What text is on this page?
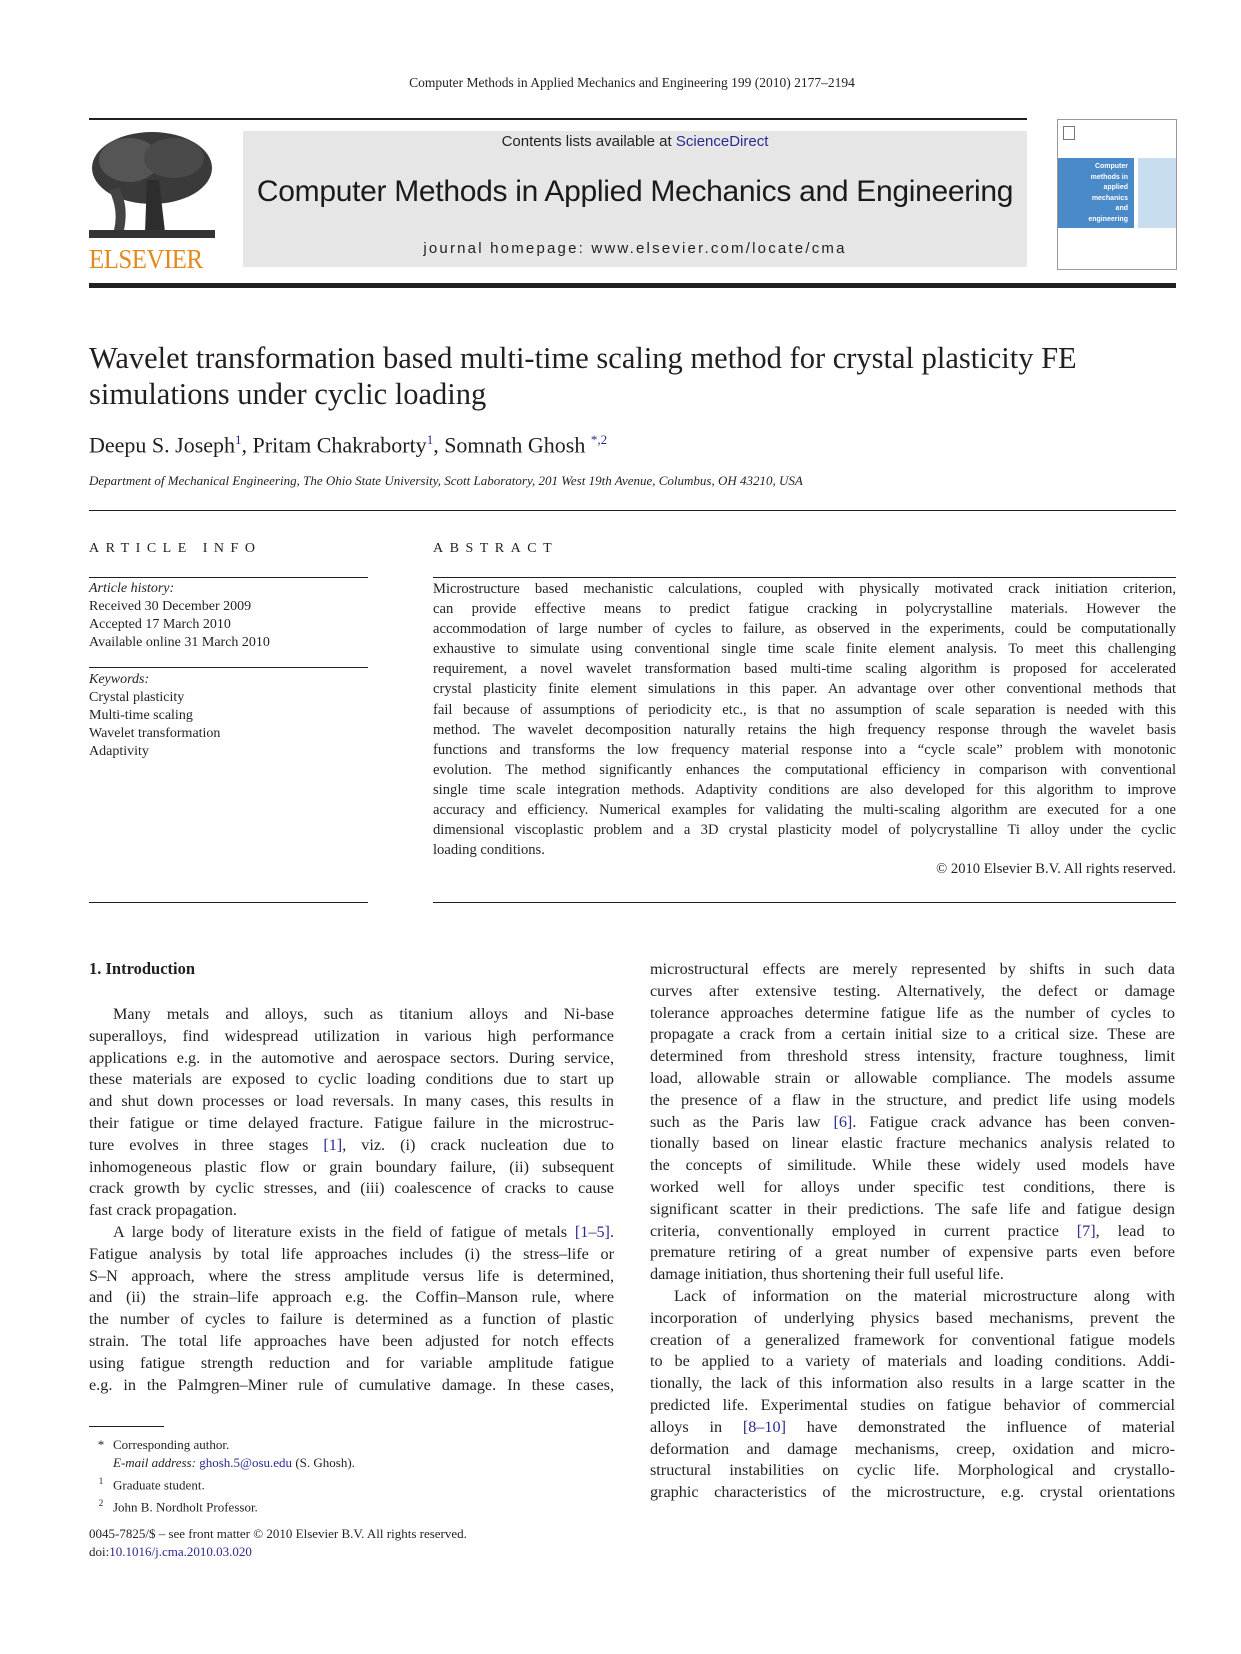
Computer Methods in Applied Mechanics and Engineering 199 (2010) 2177–2194
ELSEVIER
Contents lists available at ScienceDirect
Computer Methods in Applied Mechanics and Engineering
journal homepage: www.elsevier.com/locate/cma
Computer
methods in
applied
mechanics
and
engineering
Wavelet transformation based multi-time scaling method for crystal plasticity FE
simulations under cyclic loading
Deepu S. Joseph$^1$, Pritam Chakraborty$^1$, Somnath Ghosh $^{*,2}$
Department of Mechanical Engineering, The Ohio State University, Scott Laboratory, 201 West 19th Avenue, Columbus, OH 43210, USA
ARTICLE INFO
Article history:
Received 30 December 2009
Accepted 17 March 2010
Available online 31 March 2010
Keywords:
Crystal plasticity
Multi-time scaling
Wavelet transformation
Adaptivity
ABSTRACT
Microstructure based mechanistic calculations, coupled with physically motivated crack initiation criterion,
can provide effective means to predict fatigue cracking in polycrystalline materials. However the
accommodation of large number of cycles to failure, as observed in the experiments, could be computationally
exhaustive to simulate using conventional single time scale finite element analysis. To meet this challenging
requirement, a novel wavelet transformation based multi-time scaling algorithm is proposed for accelerated
crystal plasticity finite element simulations in this paper. An advantage over other conventional methods that
fail because of assumptions of periodicity etc., is that no assumption of scale separation is needed with this
method. The wavelet decomposition naturally retains the high frequency response through the wavelet basis
functions and transforms the low frequency material response into a “cycle scale” problem with monotonic
evolution. The method significantly enhances the computational efficiency in comparison with conventional
single time scale integration methods. Adaptivity conditions are also developed for this algorithm to improve
accuracy and efficiency. Numerical examples for validating the multi-scaling algorithm are executed for a one
dimensional viscoplastic problem and a 3D crystal plasticity model of polycrystalline Ti alloy under the cyclic
loading conditions.
© 2010 Elsevier B.V. All rights reserved.
1. Introduction
Many metals and alloys, such as titanium alloys and Ni-base
superalloys, find widespread utilization in various high performance
applications e.g. in the automotive and aerospace sectors. During service,
these materials are exposed to cyclic loading conditions due to start up
and shut down processes or load reversals. In many cases, this results in
their fatigue or time delayed fracture. Fatigue failure in the microstruc-
ture evolves in three stages [1], viz. (i) crack nucleation due to
inhomogeneous plastic flow or grain boundary failure, (ii) subsequent
crack growth by cyclic stresses, and (iii) coalescence of cracks to cause
fast crack propagation.
A large body of literature exists in the field of fatigue of metals [1–5].
Fatigue analysis by total life approaches includes (i) the stress–life or
S–N approach, where the stress amplitude versus life is determined,
and (ii) the strain–life approach e.g. the Coffin–Manson rule, where
the number of cycles to failure is determined as a function of plastic
strain. The total life approaches have been adjusted for notch effects
using fatigue strength reduction and for variable amplitude fatigue
e.g. in the Palmgren–Miner rule of cumulative damage. In these cases,
microstructural effects are merely represented by shifts in such data
curves after extensive testing. Alternatively, the defect or damage
tolerance approaches determine fatigue life as the number of cycles to
propagate a crack from a certain initial size to a critical size. These are
determined from threshold stress intensity, fracture toughness, limit
load, allowable strain or allowable compliance. The models assume
the presence of a flaw in the structure, and predict life using models
such as the Paris law [6]. Fatigue crack advance has been conven-
tionally based on linear elastic fracture mechanics analysis related to
the concepts of similitude. While these widely used models have
worked well for alloys under specific test conditions, there is
significant scatter in their predictions. The safe life and fatigue design
criteria, conventionally employed in current practice [7], lead to
premature retiring of a great number of expensive parts even before
damage initiation, thus shortening their full useful life.
Lack of information on the material microstructure along with
incorporation of underlying physics based mechanisms, prevent the
creation of a generalized framework for conventional fatigue models
to be applied to a variety of materials and loading conditions. Addi-
tionally, the lack of this information also results in a large scatter in the
predicted life. Experimental studies on fatigue behavior of commercial
alloys in [8–10] have demonstrated the influence of material
deformation and damage mechanisms, creep, oxidation and micro-
structural instabilities on cyclic life. Morphological and crystallo-
graphic characteristics of the microstructure, e.g. crystal orientations
* Corresponding author.
E-mail address: ghosh.5@osu.edu (S. Ghosh).
$^1$ Graduate student.
$^2$ John B. Nordholt Professor.
0045-7825/$ – see front matter © 2010 Elsevier B.V. All rights reserved.
doi:10.1016/j.cma.2010.03.020
